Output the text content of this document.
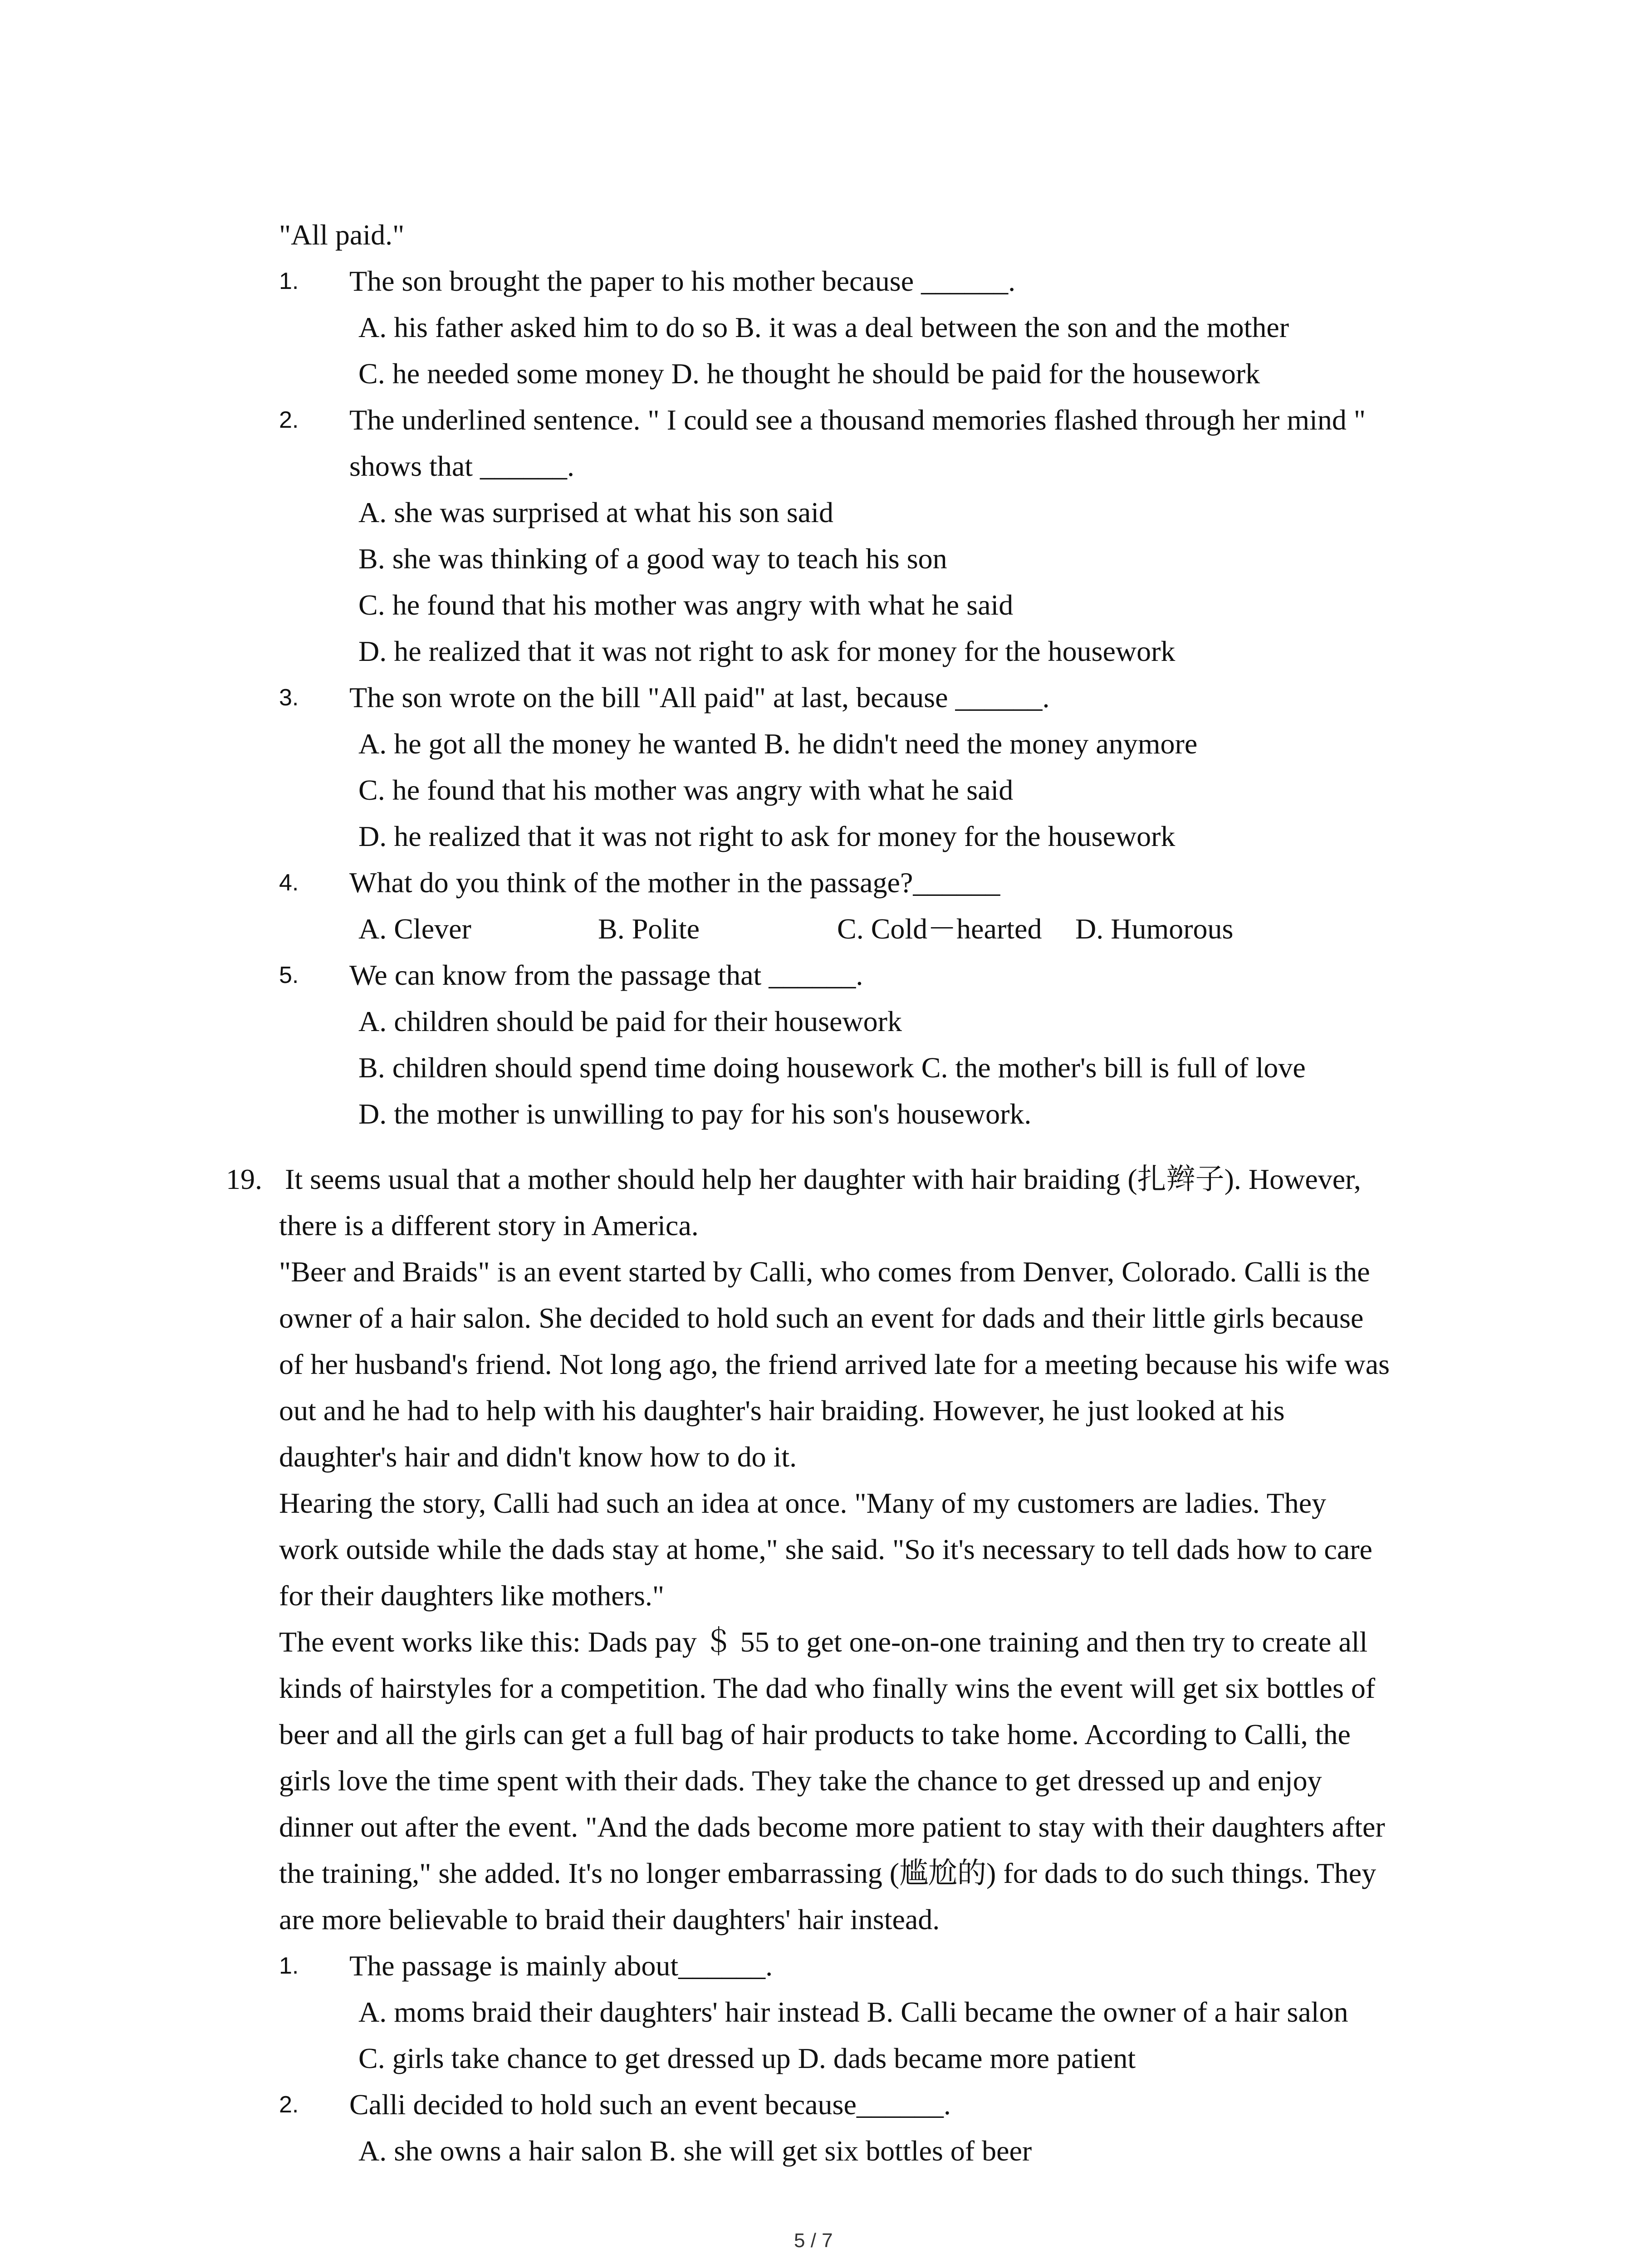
"All paid."
1. The son brought the paper to his mother because ______.
A. his father asked him to do so B. it was a deal between the son and the mother
C. he needed some money D. he thought he should be paid for the housework
2. The underlined sentence. " I could see a thousand memories flashed through her mind "
shows that ______.
A. she was surprised at what his son said
B. she was thinking of a good way to teach his son
C. he found that his mother was angry with what he said
D. he realized that it was not right to ask for money for the housework
3. The son wrote on the bill "All paid" at last, because ______.
A. he got all the money he wanted B. he didn't need the money anymore
C. he found that his mother was angry with what he said
D. he realized that it was not right to ask for money for the housework
4. What do you think of the mother in the passage?______
A. Clever	B. Polite	C. Cold－hearted D. Humorous
5. We can know from the passage that ______.
A. children should be paid for their housework
B. children should spend time doing housework C. the mother's bill is full of love
D. the mother is unwilling to pay for his son's housework.
19. It seems usual that a mother should help her daughter with hair braiding (扎辫子). However,
there is a different story in America.
"Beer and Braids" is an event started by Calli, who comes from Denver, Colorado. Calli is the
owner of a hair salon. She decided to hold such an event for dads and their little girls because
of her husband's friend. Not long ago, the friend arrived late for a meeting because his wife was
out and he had to help with his daughter's hair braiding. However, he just looked at his
daughter's hair and didn't know how to do it.
Hearing the story, Calli had such an idea at once. "Many of my customers are ladies. They
work outside while the dads stay at home," she said. "So it's necessary to tell dads how to care
for their daughters like mothers."
The event works like this: Dads pay ＄ 55 to get one-on-one training and then try to create all
kinds of hairstyles for a competition. The dad who finally wins the event will get six bottles of
beer and all the girls can get a full bag of hair products to take home. According to Calli, the
girls love the time spent with their dads. They take the chance to get dressed up and enjoy
dinner out after the event. "And the dads become more patient to stay with their daughters after
the training," she added. It's no longer embarrassing (尴尬的) for dads to do such things. They
are more believable to braid their daughters' hair instead.
1. The passage is mainly about______.
A. moms braid their daughters' hair instead B. Calli became the owner of a hair salon
C. girls take chance to get dressed up D. dads became more patient
2. Calli decided to hold such an event because______.
A. she owns a hair salon B. she will get six bottles of beer
5 / 7
